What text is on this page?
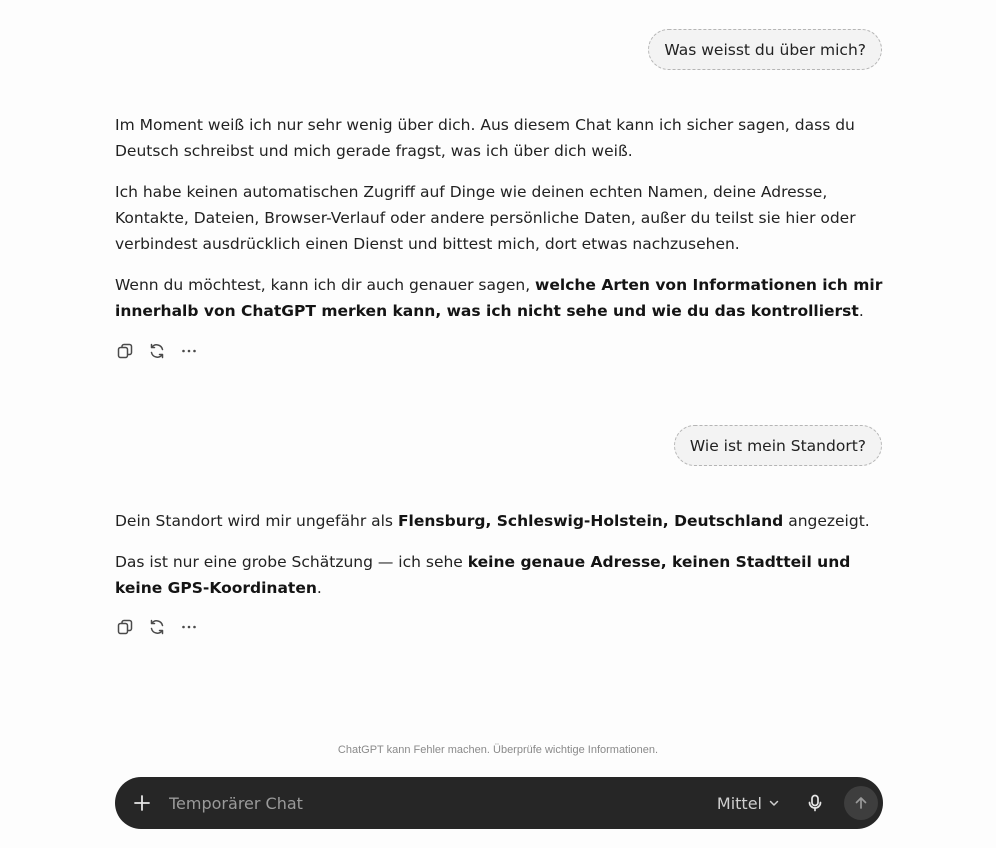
Was weisst du über mich?

Im Moment weiß ich nur sehr wenig über dich. Aus diesem Chat kann ich sicher sagen, dass du Deutsch schreibst und mich gerade fragst, was ich über dich weiß.

Ich habe keinen automatischen Zugriff auf Dinge wie deinen echten Namen, deine Adresse, Kontakte, Dateien, Browser-Verlauf oder andere persönliche Daten, außer du teilst sie hier oder verbindest ausdrücklich einen Dienst und bittest mich, dort etwas nachzusehen.

Wenn du möchtest, kann ich dir auch genauer sagen, welche Arten von Informationen ich mir innerhalb von ChatGPT merken kann, was ich nicht sehe und wie du das kontrollierst.

Wie ist mein Standort?

Dein Standort wird mir ungefähr als Flensburg, Schleswig-Holstein, Deutschland angezeigt.

Das ist nur eine grobe Schätzung — ich sehe keine genaue Adresse, keinen Stadtteil und keine GPS-Koordinaten.

ChatGPT kann Fehler machen. Überprüfe wichtige Informationen.
Temporärer Chat
Mittel
